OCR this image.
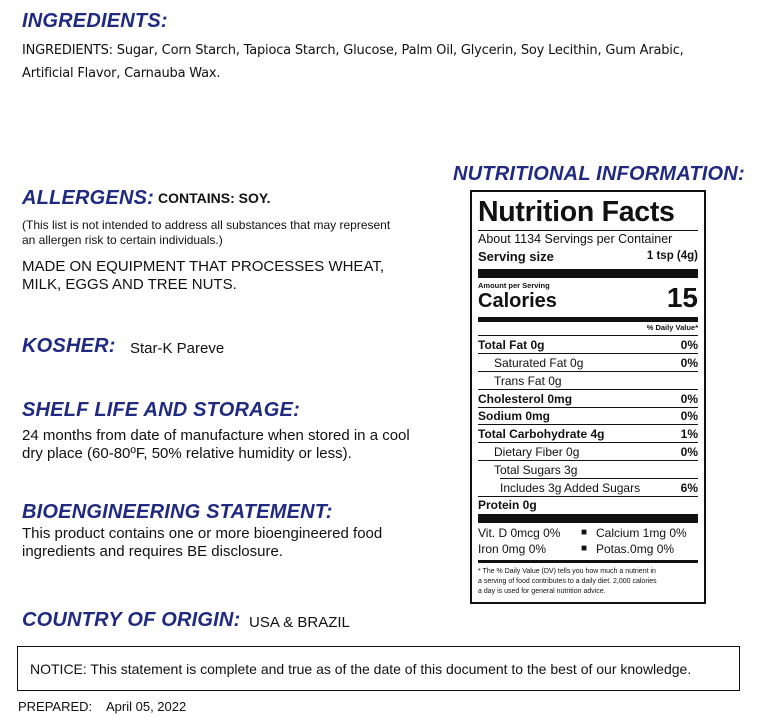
INGREDIENTS:
INGREDIENTS: Sugar, Corn Starch, Tapioca Starch, Glucose, Palm Oil, Glycerin, Soy Lecithin, Gum Arabic,
Artificial Flavor, Carnauba Wax.
NUTRITIONAL INFORMATION:
ALLERGENS: CONTAINS: SOY.
(This list is not intended to address all substances that may represent
an allergen risk to certain individuals.)
MADE ON EQUIPMENT THAT PROCESSES WHEAT,
MILK, EGGS AND TREE NUTS.
KOSHER: Star-K Pareve
SHELF LIFE AND STORAGE:
24 months from date of manufacture when stored in a cool
dry place (60-80ºF, 50% relative humidity or less).
BIOENGINEERING STATEMENT:
This product contains one or more bioengineered food
ingredients and requires BE disclosure.
COUNTRY OF ORIGIN: USA & BRAZIL
NOTICE: This statement is complete and true as of the date of this document to the best of our knowledge.
PREPARED: April 05, 2022
Nutrition Facts
About 1134 Servings per Container
Serving size	1 tsp (4g)
Amount per Serving
Calories	15
% Daily Value*
Total Fat 0g	0%
Saturated Fat 0g	0%
Trans Fat 0g
Cholesterol 0mg	0%
Sodium 0mg	0%
Total Carbohydrate 4g	1%
Dietary Fiber 0g	0%
Total Sugars 3g
Includes 3g Added Sugars	6%
Protein 0g
Vit. D 0mcg 0% ■ Calcium 1mg 0%
Iron 0mg 0%	■ Potas.0mg 0%
* The % Daily Value (DV) tells you how much a nutrient in
a serving of food contributes to a daily diet. 2,000 calories
a day is used for general nutrition advice.
